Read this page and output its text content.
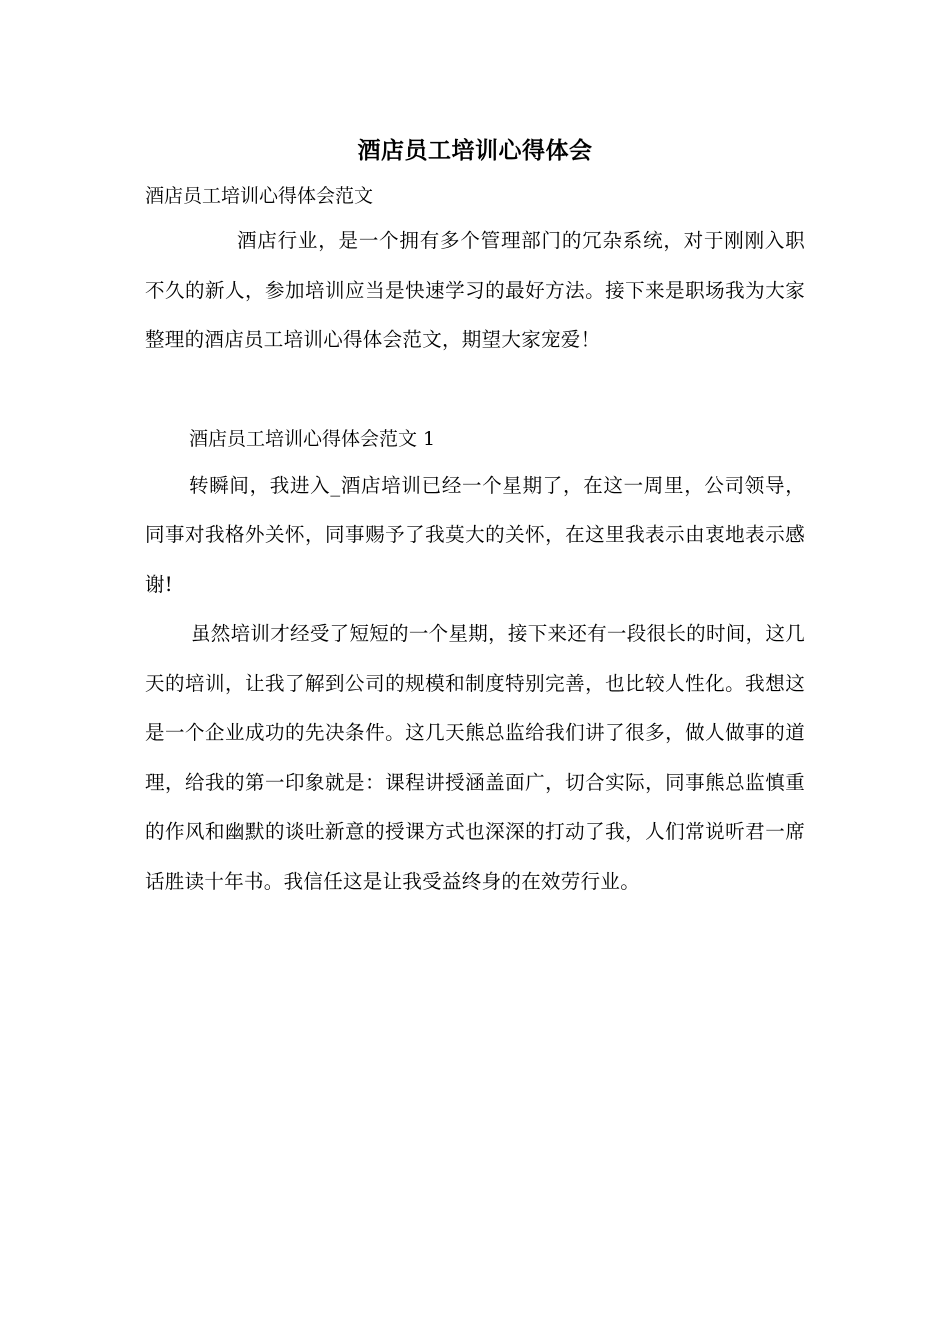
酒店员工培训心得体会

酒店员工培训心得体会范文

酒店行业，是一个拥有多个管理部门的冗杂系统，对于刚刚入职不久的新人，参加培训应当是快速学习的最好方法。接下来是职场我为大家整理的酒店员工培训心得体会范文，期望大家宠爱！

酒店员工培训心得体会范文 1

转瞬间，我进入_酒店培训已经一个星期了，在这一周里，公司领导，同事对我格外关怀，同事赐予了我莫大的关怀，在这里我表示由衷地表示感谢!

虽然培训才经受了短短的一个星期，接下来还有一段很长的时间，这几天的培训，让我了解到公司的规模和制度特别完善，也比较人性化。我想这是一个企业成功的先决条件。这几天熊总监给我们讲了很多，做人做事的道理，给我的第一印象就是：课程讲授涵盖面广，切合实际，同事熊总监慎重的作风和幽默的谈吐新意的授课方式也深深的打动了我，人们常说听君一席话胜读十年书。我信任这是让我受益终身的在效劳行业。
